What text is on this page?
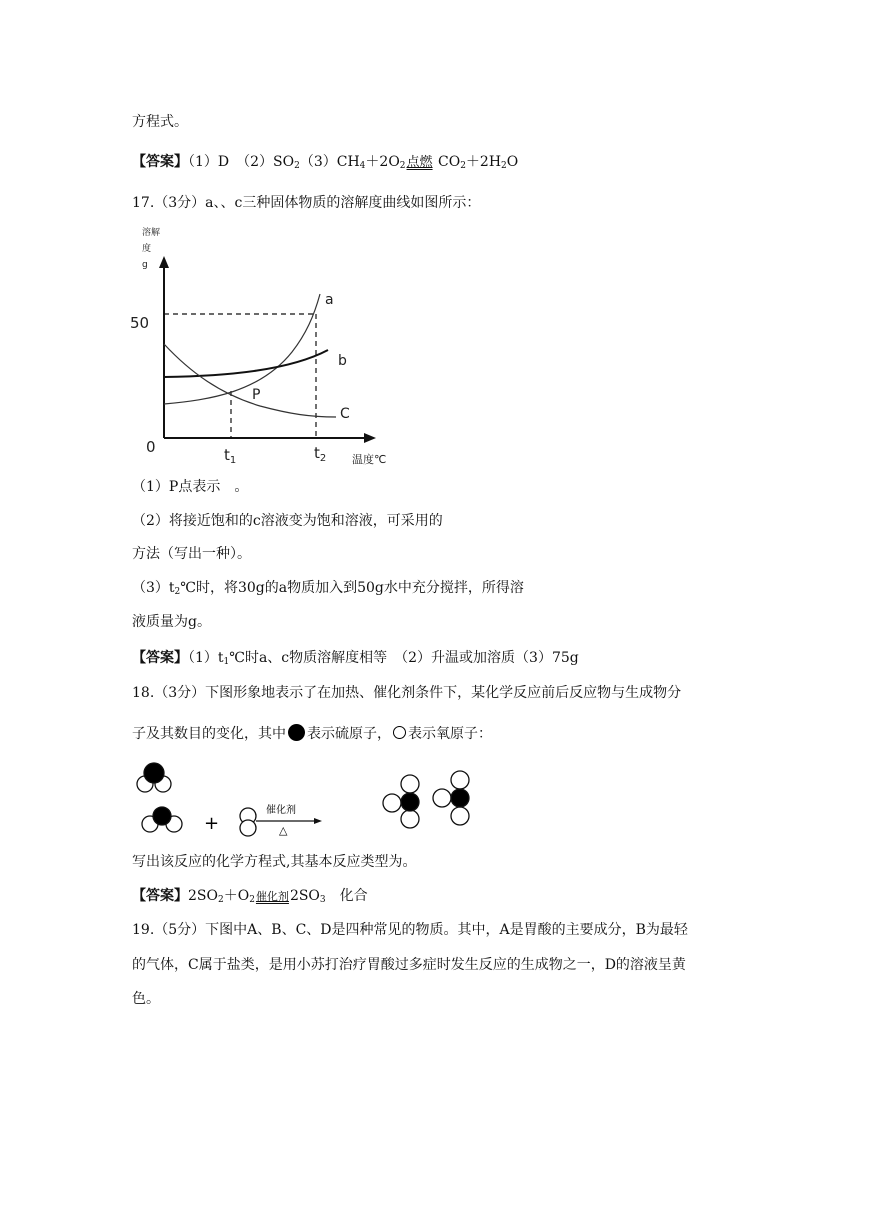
方程式。
【答案】（1）D　$(2)SO_2(3)CH_4+2O_2$点燃 $CO_2+2H_2O$
17.（3分）a、、c三种固体物质的溶解度曲线如图所示：
溶解
度
g
50
0	$t_1$	$t_2$ 温度℃
a
b
C
P
（1）P点表示　。
（2）将接近饱和的c溶液变为饱和溶液，可采用的
方法（写出一种）。
$(3)t_2℃$时，将30g的a物质加入到50g水中充分搅拌，所得溶
液质量为g。
【答案】$(1)t_1℃$时a、c物质溶解度相等　（2）升温或加溶质（3）75g
18.（3分）下图形象地表示了在加热、催化剂条件下，某化学反应前后反应物与生成物分
子及其数目的变化，其中 表示硫原子， 表示氧原子：
+
催化剂
△
写出该反应的化学方程式,其基本反应类型为。
【答案】$2SO_2+O_2$催化剂$2SO_3$　化合
19.（5分）下图中A、B、C、D是四种常见的物质。其中，A是胃酸的主要成分，B为最轻
的气体，C属于盐类，是用小苏打治疗胃酸过多症时发生反应的生成物之一，D的溶液呈黄
色。
